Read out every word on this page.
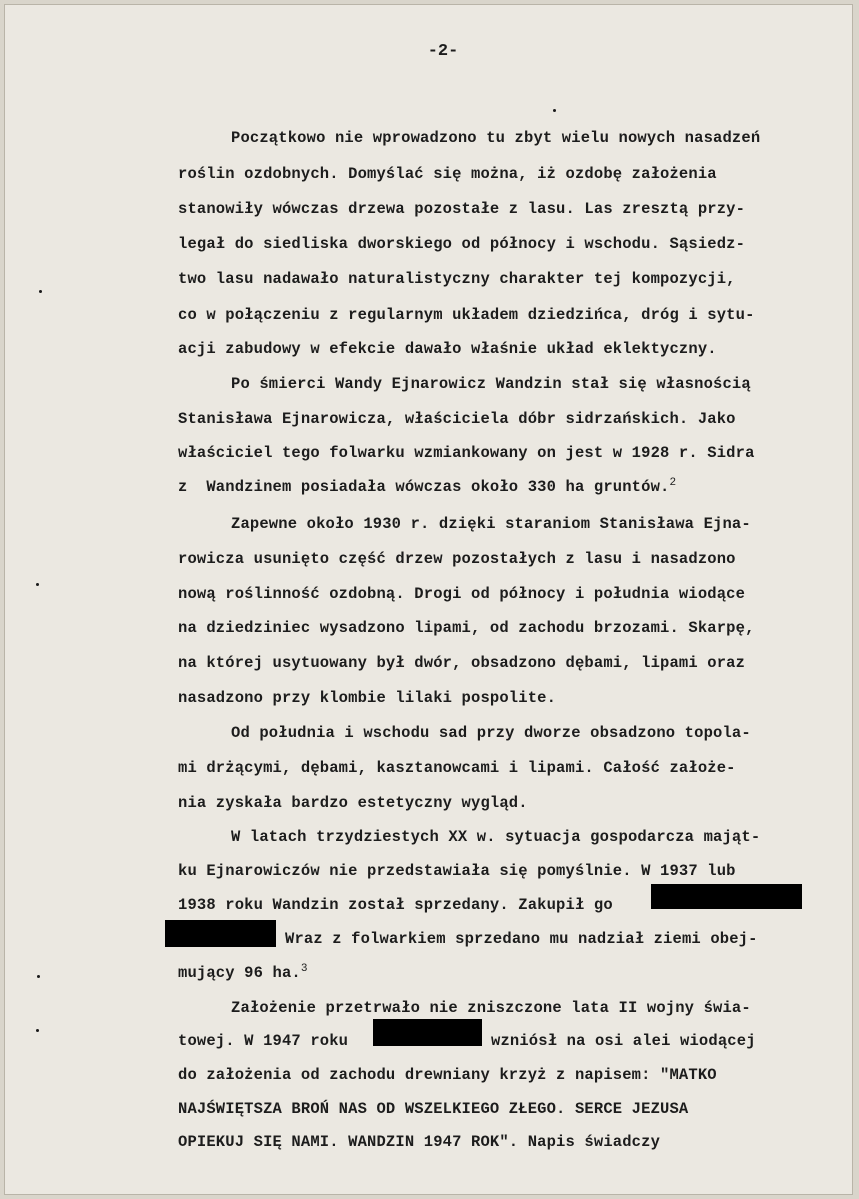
-2-
Początkowo nie wprowadzono tu zbyt wielu nowych nasadzeń
roślin ozdobnych. Domyślać się można, iż ozdobę założenia
stanowiły wówczas drzewa pozostałe z lasu. Las zresztą przy-
legał do siedliska dworskiego od północy i wschodu. Sąsiedz-
two lasu nadawało naturalistyczny charakter tej kompozycji,
co w połączeniu z regularnym układem dziedzińca, dróg i sytu-
acji zabudowy w efekcie dawało właśnie układ eklektyczny.
Po śmierci Wandy Ejnarowicz Wandzin stał się własnością
Stanisława Ejnarowicza, właściciela dóbr sidrzańskich. Jako
właściciel tego folwarku wzmiankowany on jest w 1928 r. Sidra
z  Wandzinem posiadała wówczas około 330 ha gruntów.$^2$
Zapewne około 1930 r. dzięki staraniom Stanisława Ejna-
rowicza usunięto część drzew pozostałych z lasu i nasadzono
nową roślinność ozdobną. Drogi od północy i południa wiodące
na dziedziniec wysadzono lipami, od zachodu brzozami. Skarpę,
na której usytuowany był dwór, obsadzono dębami, lipami oraz
nasadzono przy klombie lilaki pospolite.
Od południa i wschodu sad przy dworze obsadzono topola-
mi drżącymi, dębami, kasztanowcami i lipami. Całość założe-
nia zyskała bardzo estetyczny wygląd.
W latach trzydziestych XX w. sytuacja gospodarcza mająt-
ku Ejnarowiczów nie przedstawiała się pomyślnie. W 1937 lub
1938 roku Wandzin został sprzedany. Zakupił go
Wraz z folwarkiem sprzedano mu nadział ziemi obej-
mujący 96 ha.$^3$
Założenie przetrwało nie zniszczone lata II wojny świa-
towej. W 1947 roku	wzniósł na osi alei wiodącej
do założenia od zachodu drewniany krzyż z napisem: "MATKO
NAJŚWIĘTSZA BROŃ NAS OD WSZELKIEGO ZŁEGO. SERCE JEZUSA
OPIEKUJ SIĘ NAMI. WANDZIN 1947 ROK". Napis świadczy
